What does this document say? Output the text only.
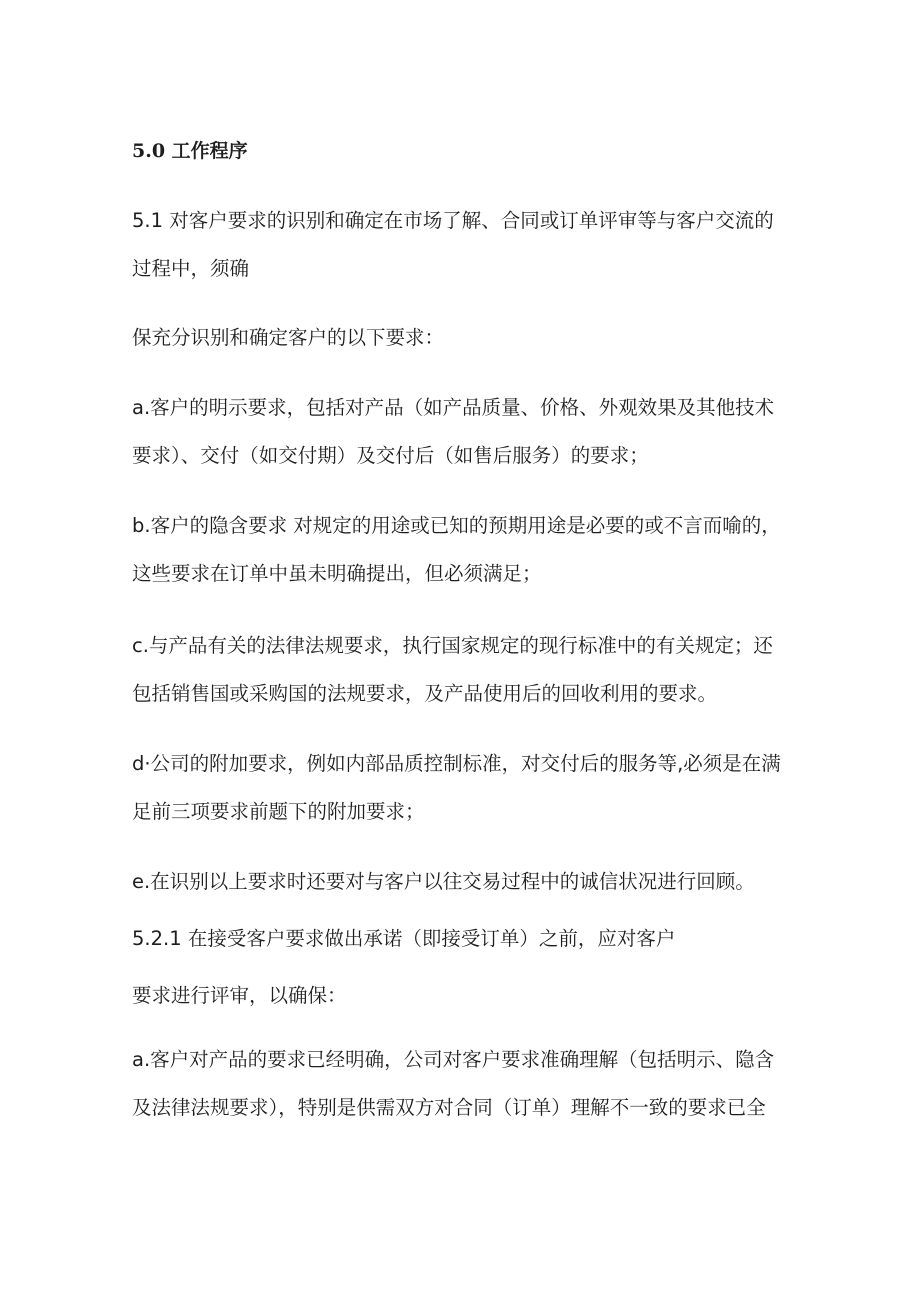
5.0 工作程序
5.1 对客户要求的识别和确定在市场了解、合同或订单评审等与客户交流的
过程中，须确
保充分识别和确定客户的以下要求：
a.客户的明示要求，包括对产品（如产品质量、价格、外观效果及其他技术
要求）、交付（如交付期）及交付后（如售后服务）的要求；
b.客户的隐含要求 对规定的用途或已知的预期用途是必要的或不言而喻的，
这些要求在订单中虽未明确提出，但必须满足；
c.与产品有关的法律法规要求，执行国家规定的现行标准中的有关规定；还
包括销售国或采购国的法规要求，及产品使用后的回收利用的要求。
d·公司的附加要求，例如内部品质控制标准，对交付后的服务等,必须是在满
足前三项要求前题下的附加要求；
e.在识别以上要求时还要对与客户以往交易过程中的诚信状况进行回顾。
5.2.1 在接受客户要求做出承诺（即接受订单）之前，应对客户
要求进行评审，以确保：
a.客户对产品的要求已经明确，公司对客户要求准确理解（包括明示、隐含
及法律法规要求），特别是供需双方对合同（订单）理解不一致的要求已全
